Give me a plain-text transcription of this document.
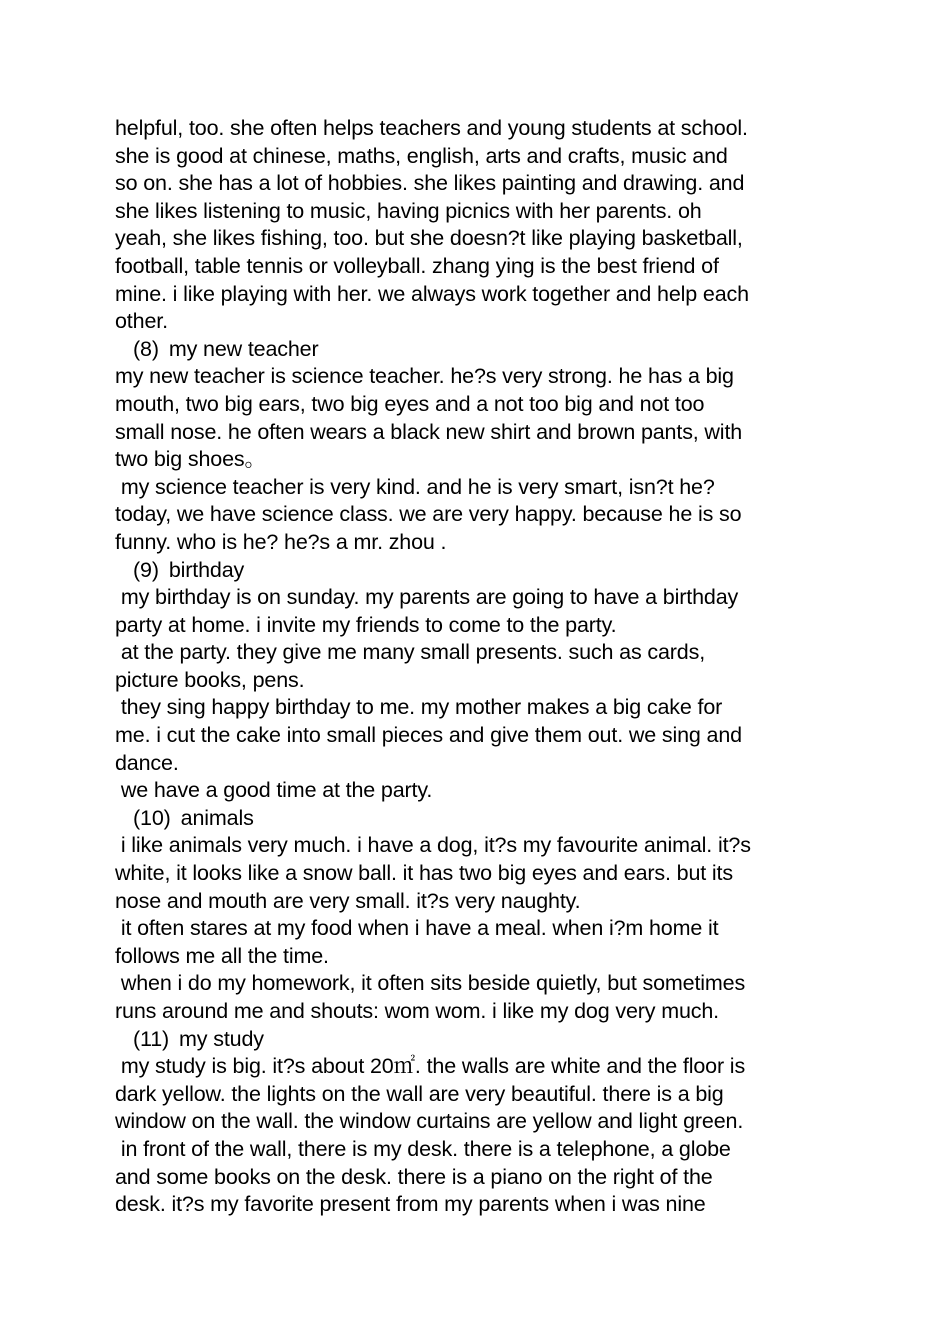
helpful, too. she often helps teachers and young students at school.
she is good at chinese, maths, english, arts and crafts, music and
so on. she has a lot of hobbies. she likes painting and drawing. and
she likes listening to music, having picnics with her parents. oh
yeah, she likes fishing, too. but she doesn?t like playing basketball,
football, table tennis or volleyball. zhang ying is the best friend of
mine. i like playing with her. we always work together and help each
other.
(8) my new teacher
my new teacher is science teacher. he?s very strong. he has a big
mouth, two big ears, two big eyes and a not too big and not too
small nose. he often wears a black new shirt and brown pants, with
two big shoes。
my science teacher is very kind. and he is very smart, isn?t he?
today, we have science class. we are very happy. because he is so
funny. who is he? he?s a mr. zhou .
(9) birthday
my birthday is on sunday. my parents are going to have a birthday
party at home. i invite my friends to come to the party.
at the party. they give me many small presents. such as cards,
picture books, pens.
they sing happy birthday to me. my mother makes a big cake for
me. i cut the cake into small pieces and give them out. we sing and
dance.
we have a good time at the party.
(10) animals
i like animals very much. i have a dog, it?s my favourite animal. it?s
white, it looks like a snow ball. it has two big eyes and ears. but its
nose and mouth are very small. it?s very naughty.
it often stares at my food when i have a meal. when i?m home it
follows me all the time.
when i do my homework, it often sits beside quietly, but sometimes
runs around me and shouts: wom wom. i like my dog very much.
(11) my study
my study is big. it?s about 20㎡. the walls are white and the floor is
dark yellow. the lights on the wall are very beautiful. there is a big
window on the wall. the window curtains are yellow and light green.
in front of the wall, there is my desk. there is a telephone, a globe
and some books on the desk. there is a piano on the right of the
desk. it?s my favorite present from my parents when i was nine
